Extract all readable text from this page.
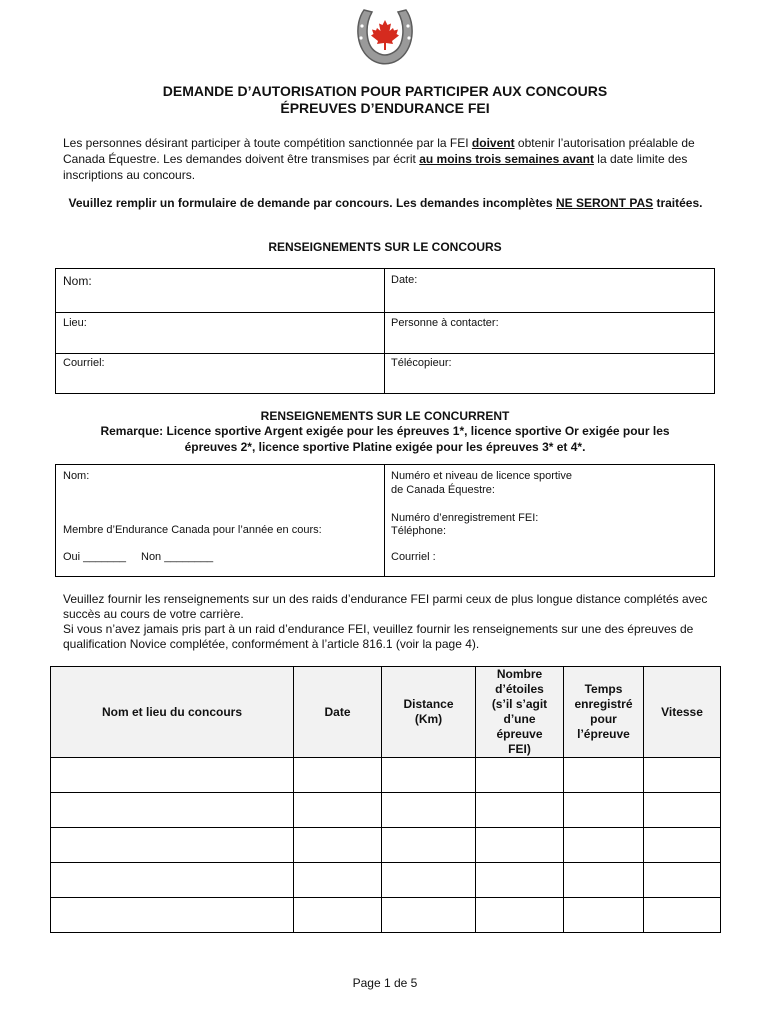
DEMANDE D’AUTORISATION POUR PARTICIPER AUX CONCOURS
ÉPREUVES D’ENDURANCE FEI
Les personnes désirant participer à toute compétition sanctionnée par la FEI doivent obtenir l’autorisation préalable de Canada Équestre. Les demandes doivent être transmises par écrit au moins trois semaines avant la date limite des inscriptions au concours.
Veuillez remplir un formulaire de demande par concours. Les demandes incomplètes NE SERONT PAS traitées.
RENSEIGNEMENTS SUR LE CONCOURS
Nom:	Date:
Lieu:	Personne à contacter:
Courriel:	Télécopieur:
RENSEIGNEMENTS SUR LE CONCURRENT
Remarque: Licence sportive Argent exigée pour les épreuves 1*, licence sportive Or exigée pour les
épreuves 2*, licence sportive Platine exigée pour les épreuves 3* et 4*.
Nom:	Numéro et niveau de licence sportive
de Canada Équestre:
Numéro d’enregistrement FEI:
Membre d’Endurance Canada pour l’année en cours:	Téléphone:
Oui _______ Non ________	Courriel :
Veuillez fournir les renseignements sur un des raids d’endurance FEI parmi ceux de plus longue distance complétés avec succès au cours de votre carrière.
Si vous n’avez jamais pris part à un raid d’endurance FEI, veuillez fournir les renseignements sur une des épreuves de qualification Novice complétée, conformément à l’article 816.1 (voir la page 4).
Nom et lieu du concours	Date	Distance (Km)	Nombre d’étoiles (s’il s’agit d’une épreuve FEI)	Temps enregistré pour l’épreuve	Vitesse

Page 1 de 5
